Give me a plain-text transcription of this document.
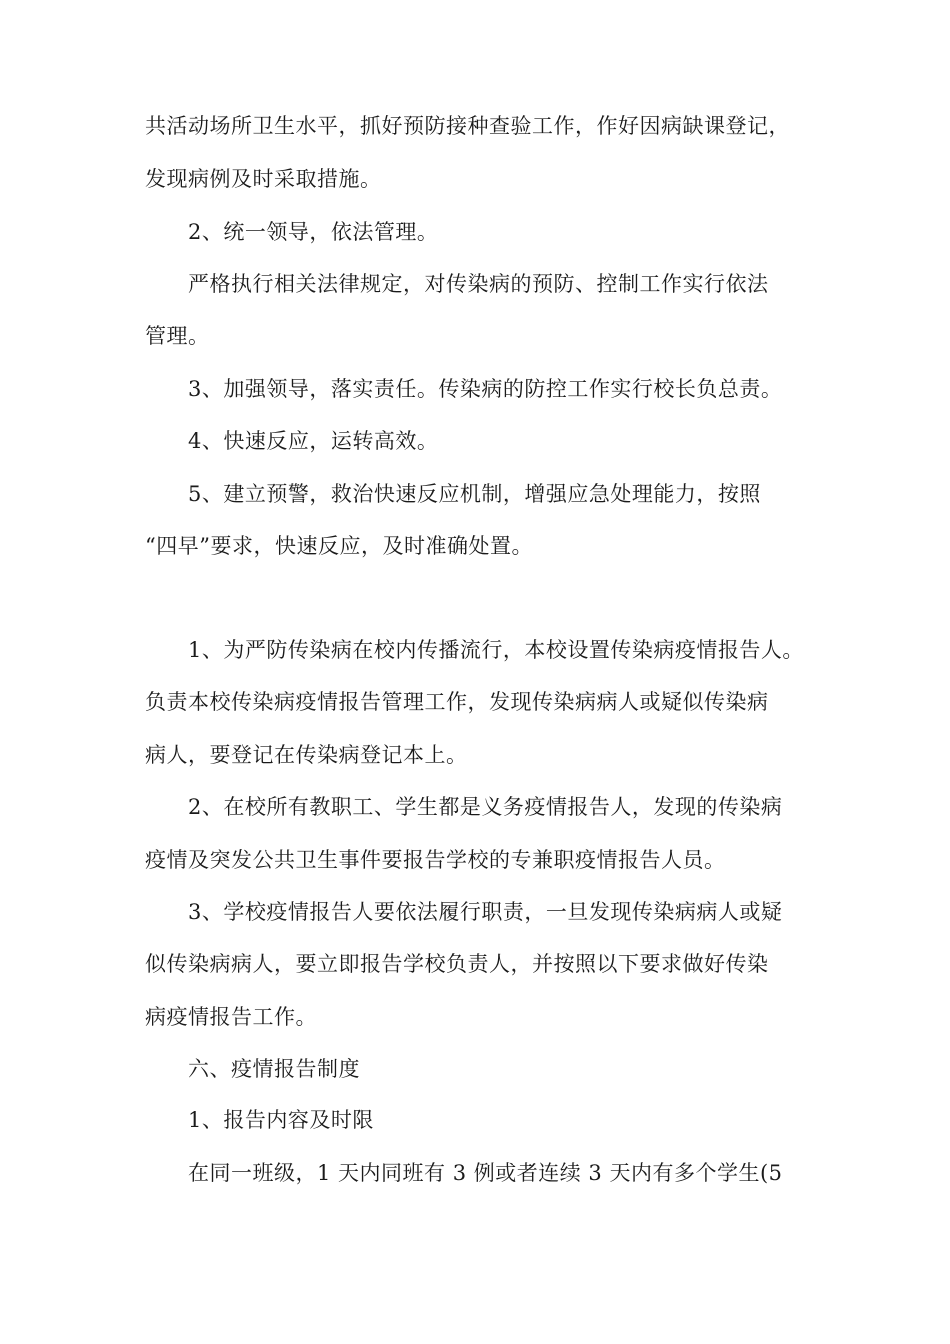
共活动场所卫生水平，抓好预防接种查验工作，作好因病缺课登记，
发现病例及时采取措施。
2、统一领导，依法管理。
严格执行相关法律规定，对传染病的预防、控制工作实行依法
管理。
3、加强领导，落实责任。传染病的防控工作实行校长负总责。
4、快速反应，运转高效。
5、建立预警，救治快速反应机制，增强应急处理能力，按照
“四早”要求，快速反应，及时准确处置。
1、为严防传染病在校内传播流行，本校设置传染病疫情报告人。
负责本校传染病疫情报告管理工作，发现传染病病人或疑似传染病
病人，要登记在传染病登记本上。
2、在校所有教职工、学生都是义务疫情报告人，发现的传染病
疫情及突发公共卫生事件要报告学校的专兼职疫情报告人员。
3、学校疫情报告人要依法履行职责，一旦发现传染病病人或疑
似传染病病人，要立即报告学校负责人，并按照以下要求做好传染
病疫情报告工作。
六、疫情报告制度
1、报告内容及时限
在同一班级，1 天内同班有 3 例或者连续 3 天内有多个学生(5
